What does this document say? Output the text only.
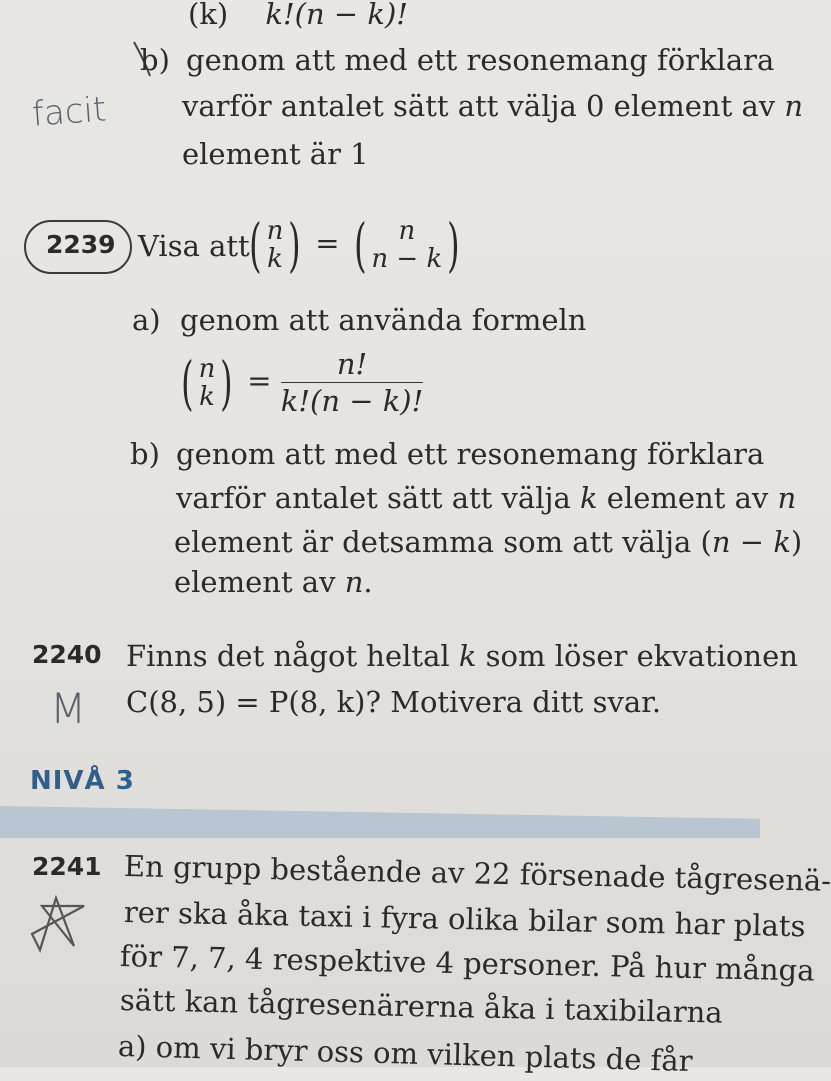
(k) k!(n − k)!
b) genom att med ett resonemang förklara
varför antalet sätt att välja 0 element av n
element är 1
facit
2239 Visa att ( n
k ) = (	n
n − k )
a) genom att använda formeln
( n
k ) = $\frac{n!}{k!(n - k)!}$
b) genom att med ett resonemang förklara
varför antalet sätt att välja k element av n
element är detsamma som att välja (n − k)
element av n.
2240 Finns det något heltal k som löser ekvationen
C(8, 5) = P(8, k)? Motivera ditt svar.
M
NIVÅ 3
2241 En grupp bestående av 22 försenade tågresenä-
rer ska åka taxi i fyra olika bilar som har plats
för 7, 7, 4 respektive 4 personer. På hur många
sätt kan tågresenärerna åka i taxibilarna
a) om vi bryr oss om vilken plats de får
